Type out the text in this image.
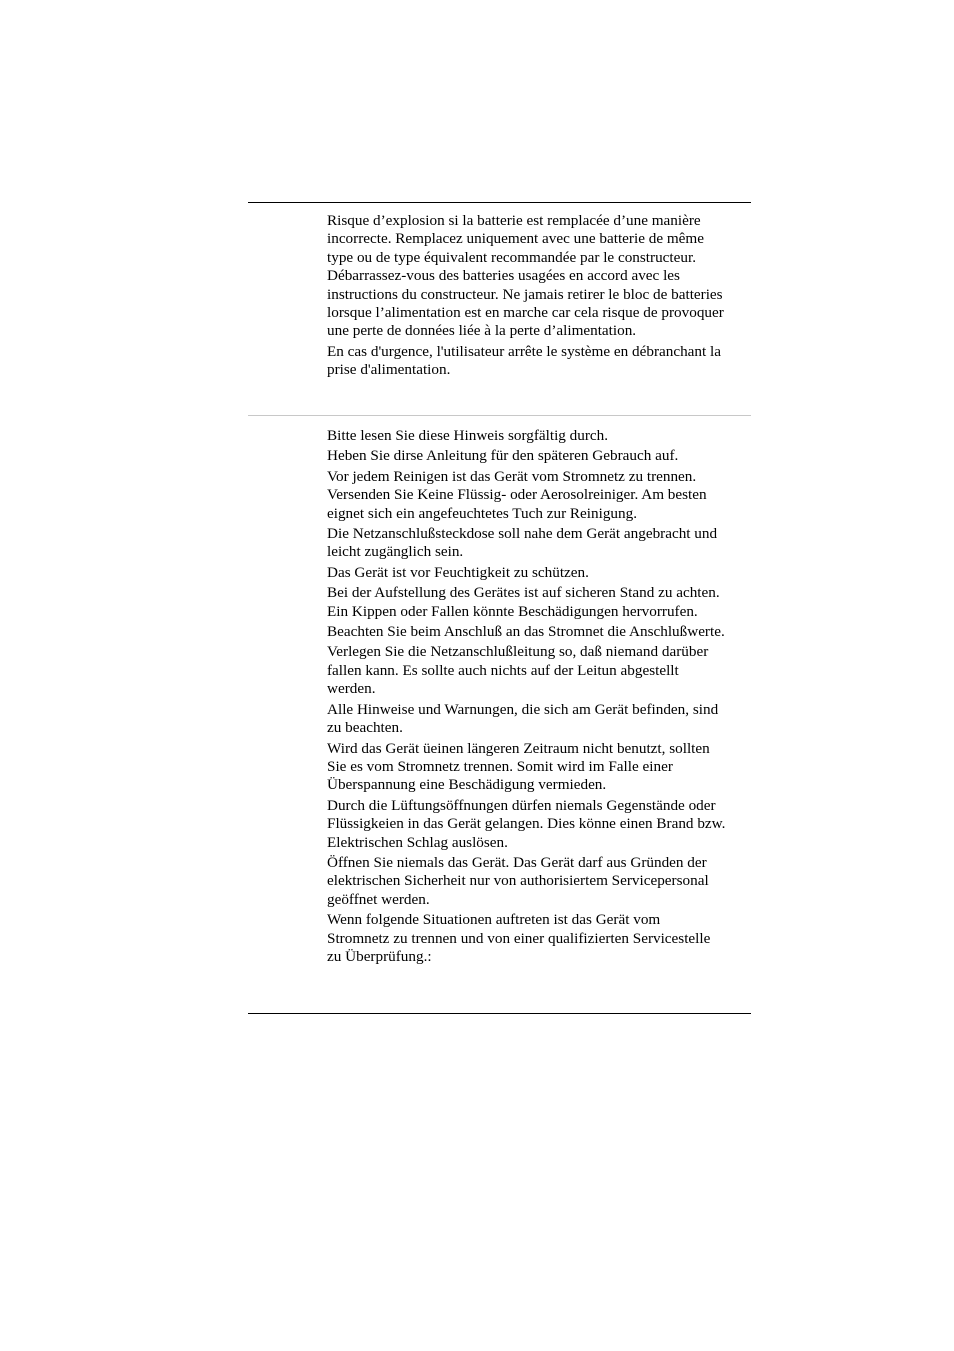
Risque d’explosion si la batterie est remplacée d’une manière
incorrecte. Remplacez uniquement avec une batterie de même
type ou de type équivalent recommandée par le constructeur.
Débarrassez-vous des batteries usagées en accord avec les
instructions du constructeur. Ne jamais retirer le bloc de batteries
lorsque l’alimentation est en marche car cela risque de provoquer
une perte de données liée à la perte d’alimentation.

En cas d'urgence, l'utilisateur arrête le système en débranchant la
prise d'alimentation.

Bitte lesen Sie diese Hinweis sorgfältig durch.

Heben Sie dirse Anleitung für den späteren Gebrauch auf.

Vor jedem Reinigen ist das Gerät vom Stromnetz zu trennen.
Versenden Sie Keine Flüssig- oder Aerosolreiniger. Am besten
eignet sich ein angefeuchtetes Tuch zur Reinigung.

Die Netzanschlußsteckdose soll nahe dem Gerät angebracht und
leicht zugänglich sein.

Das Gerät ist vor Feuchtigkeit zu schützen.

Bei der Aufstellung des Gerätes ist auf sicheren Stand zu achten.
Ein Kippen oder Fallen könnte Beschädigungen hervorrufen.

Beachten Sie beim Anschluß an das Stromnet die Anschlußwerte.

Verlegen Sie die Netzanschlußleitung so, daß niemand darüber
fallen kann. Es sollte auch nichts auf der Leitun abgestellt
werden.

Alle Hinweise und Warnungen, die sich am Gerät befinden, sind
zu beachten.

Wird das Gerät üeinen längeren Zeitraum nicht benutzt, sollten
Sie es vom Stromnetz trennen. Somit wird im Falle einer
Überspannung eine Beschädigung vermieden.

Durch die Lüftungsöffnungen dürfen niemals Gegenstände oder
Flüssigkeien in das Gerät gelangen. Dies könne einen Brand bzw.
Elektrischen Schlag auslösen.

Öffnen Sie niemals das Gerät. Das Gerät darf aus Gründen der
elektrischen Sicherheit nur von authorisiertem Servicepersonal
geöffnet werden.

Wenn folgende Situationen auftreten ist das Gerät vom
Stromnetz zu trennen und von einer qualifizierten Servicestelle
zu Überprüfung.:
